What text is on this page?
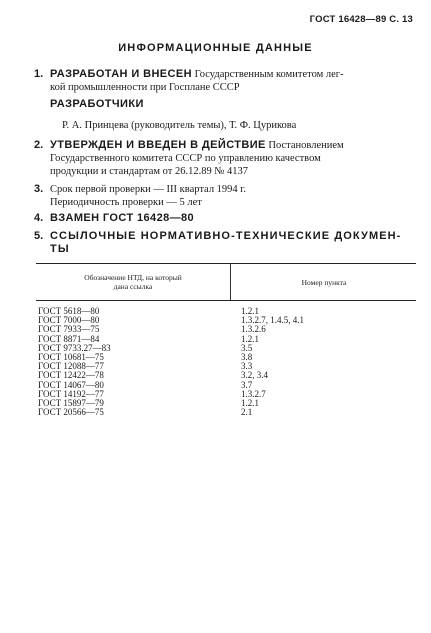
ГОСТ 16428—89 С. 13
ИНФОРМАЦИОННЫЕ ДАННЫЕ
1. РАЗРАБОТАН И ВНЕСЕН Государственным комитетом лег-
кой промышленности при Госплане СССР
РАЗРАБОТЧИКИ
Р. А. Принцева (руководитель темы), Т. Ф. Цурикова
2. УТВЕРЖДЕН И ВВЕДЕН В ДЕЙСТВИЕ Постановлением
Государственного комитета СССР по управлению качеством
продукции и стандартам от 26.12.89 № 4137
3. Срок первой проверки — III квартал 1994 г.
Периодичность проверки — 5 лет
4. ВЗАМЕН ГОСТ 16428—80
5. ССЫЛОЧНЫЕ НОРМАТИВНО-ТЕХНИЧЕСКИЕ ДОКУМЕН-
ТЫ
Обозначение НТД, на который
дана ссылка	Номер пункта
ГОСТ 5618—80	1.2.1
ГОСТ 7000—80	1.3.2.7, 1.4.5, 4.1
ГОСТ 7933—75	1.3.2.6
ГОСТ 8871—84	1.2.1
ГОСТ 9733.27—83	3.5
ГОСТ 10681—75	3.8
ГОСТ 12088—77	3.3
ГОСТ 12422—78	3.2, 3.4
ГОСТ 14067—80	3.7
ГОСТ 14192—77	1.3.2.7
ГОСТ 15897—79	1.2.1
ГОСТ 20566—75	2.1
